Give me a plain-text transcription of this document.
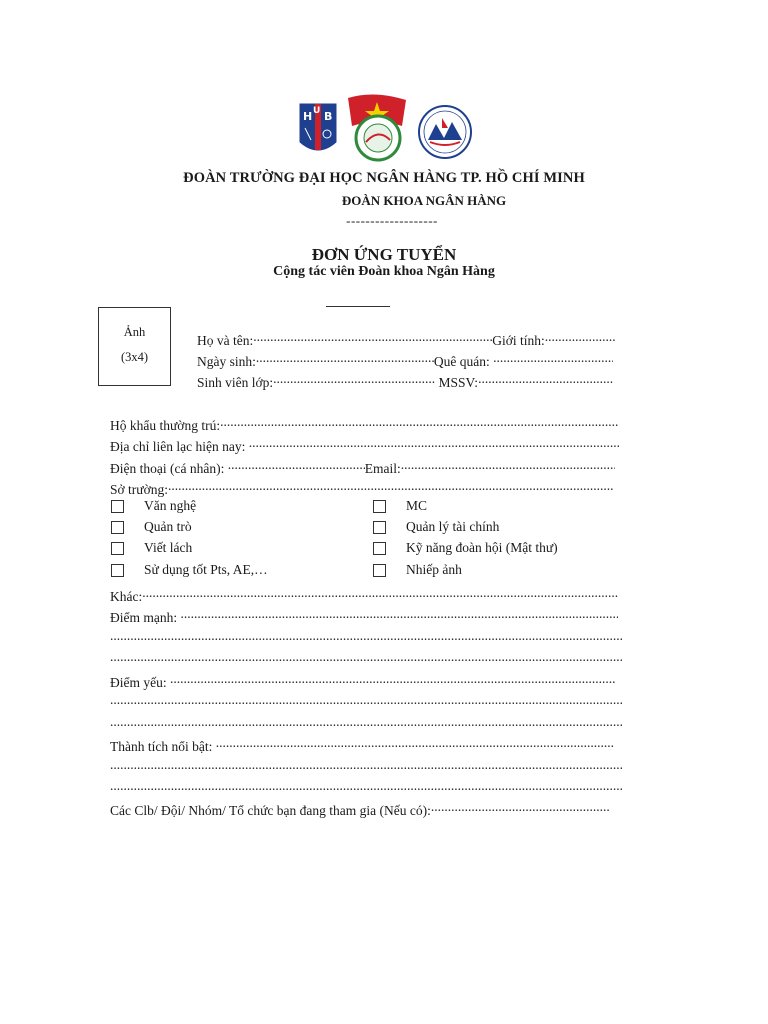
H B
U
ĐOÀN TRƯỜNG ĐẠI HỌC NGÂN HÀNG TP. HỒ CHÍ MINH
ĐOÀN KHOA NGÂN HÀNG
-------------------
ĐƠN ỨNG TUYỂN
Cộng tác viên Đoàn khoa Ngân Hàng
Ảnh
(3x4)
Họ và tên: .....	Giới tính:.....
Ngày sinh: .....	Quê quán: .....
Sinh viên lớp: .....	MSSV:.....
Hộ khẩu thường trú:.....
Địa chỉ liên lạc hiện nay: .....
Điện thoại (cá nhân): .....	Email:.....
Sở trường:.....
Văn nghệ	MC
Quản trò	Quản lý tài chính
Viết lách	Kỹ năng đoàn hội (Mật thư)
Sử dụng tốt Pts, AE,…	Nhiếp ảnh
Khác:.....
Điểm mạnh: .....
.....
.....
Điểm yếu: .....
.....
.....
Thành tích nổi bật: .....
.....
.....
Các Clb/ Đội/ Nhóm/ Tổ chức bạn đang tham gia (Nếu có):.....
